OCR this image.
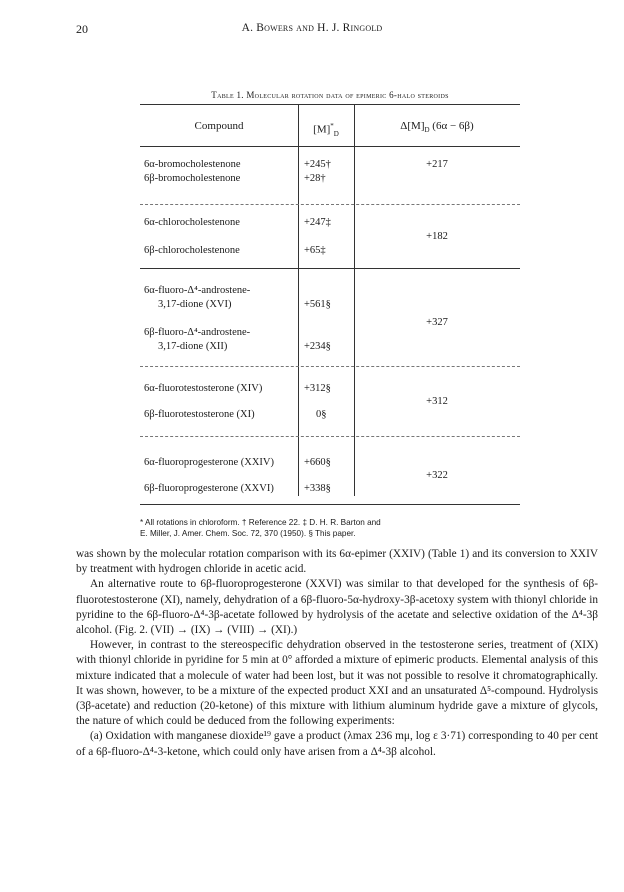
20	A. Bowers and H. J. Ringold
Table 1. Molecular rotation data of epimeric 6-halo steroids
Compound	$[M]^*_D$
$\Delta[M]_D$ (6α − 6β)
6α-bromocholestenone
6β-bromocholestenone
+245†
+28†
+217
6α-chlorocholestenone
6β-chlorocholestenone
+247‡
+65‡
+182
6α-fluoro-Δ⁴-androstene-
3,17-dione (XVI)
6β-fluoro-Δ⁴-androstene-
3,17-dione (XII)
+561§
+234§
+327
6α-fluorotestosterone (XIV)
6β-fluorotestosterone (XI)
+312§
0§
+312
6α-fluoroprogesterone (XXIV)
6β-fluoroprogesterone (XXVI)
+660§
+338§
+322
* All rotations in chloroform. † Reference 22. ‡ D. H. R. Barton and
E. Miller, J. Amer. Chem. Soc. 72, 370 (1950). § This paper.

was shown by the molecular rotation comparison with its 6α-epimer (XXIV) (Table 1) and its conversion to XXIV by treatment with hydrogen chloride in acetic acid.

An alternative route to 6β-fluoroprogesterone (XXVI) was similar to that developed for the synthesis of 6β-fluorotestosterone (XI), namely, dehydration of a 6β-fluoro-5α-hydroxy-3β-acetoxy system with thionyl chloride in pyridine to the 6β-fluoro-Δ⁴-3β-acetate followed by hydrolysis of the acetate and selective oxidation of the Δ⁴-3β alcohol. (Fig. 2. (VII) → (IX) → (VIII) → (XI).)

However, in contrast to the stereospecific dehydration observed in the testosterone series, treatment of (XIX) with thionyl chloride in pyridine for 5 min at 0° afforded a mixture of epimeric products. Elemental analysis of this mixture indicated that a molecule of water had been lost, but it was not possible to resolve it chromatographically. It was shown, however, to be a mixture of the expected product XXI and an unsaturated Δ⁵-compound. Hydrolysis (3β-acetate) and reduction (20-ketone) of this mixture with lithium aluminum hydride gave a mixture of glycols, the nature of which could be deduced from the following experiments:

(a) Oxidation with manganese dioxide¹⁹ gave a product (λmax 236 mμ, log ε 3·71) corresponding to 40 per cent of a 6β-fluoro-Δ⁴-3-ketone, which could only have arisen from a Δ⁴-3β alcohol.
